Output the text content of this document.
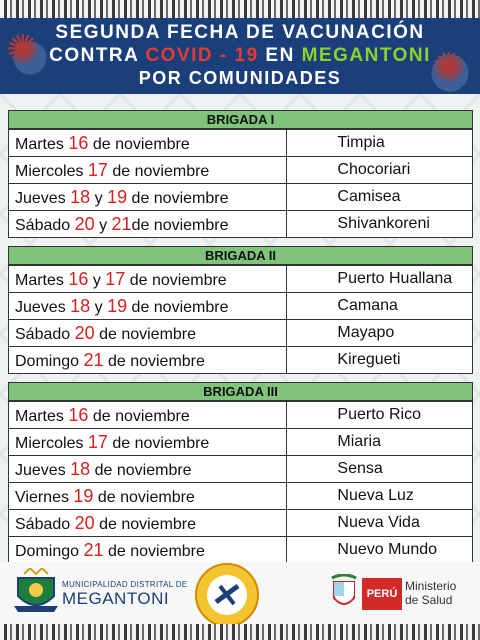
✺	✺
SEGUNDA FECHA DE VACUNACIÓN
CONTRA COVID - 19 EN MEGANTONI
POR COMUNIDADES
BRIGADA I
Martes 16 de noviembre	Timpia
Miercoles 17 de noviembre	Chocoriari
Jueves 18 y 19 de noviembre	Camisea
Sábado 20 y 21de noviembre	Shivankoreni
BRIGADA II
Martes 16 y 17 de noviembre	Puerto Huallana
Jueves 18 y 19 de noviembre	Camana
Sábado 20 de noviembre	Mayapo
Domingo 21 de noviembre	Kiregueti
BRIGADA III
Martes 16 de noviembre	Puerto Rico
Miercoles 17 de noviembre	Miaria
Jueves 18 de noviembre	Sensa
Viernes 19 de noviembre	Nueva Luz
Sábado 20 de noviembre	Nueva Vida
Domingo 21 de noviembre	Nuevo Mundo
MUNICIPALIDAD DISTRITAL DE
MEGANTONI	PERÚ
Ministerio
de Salud
